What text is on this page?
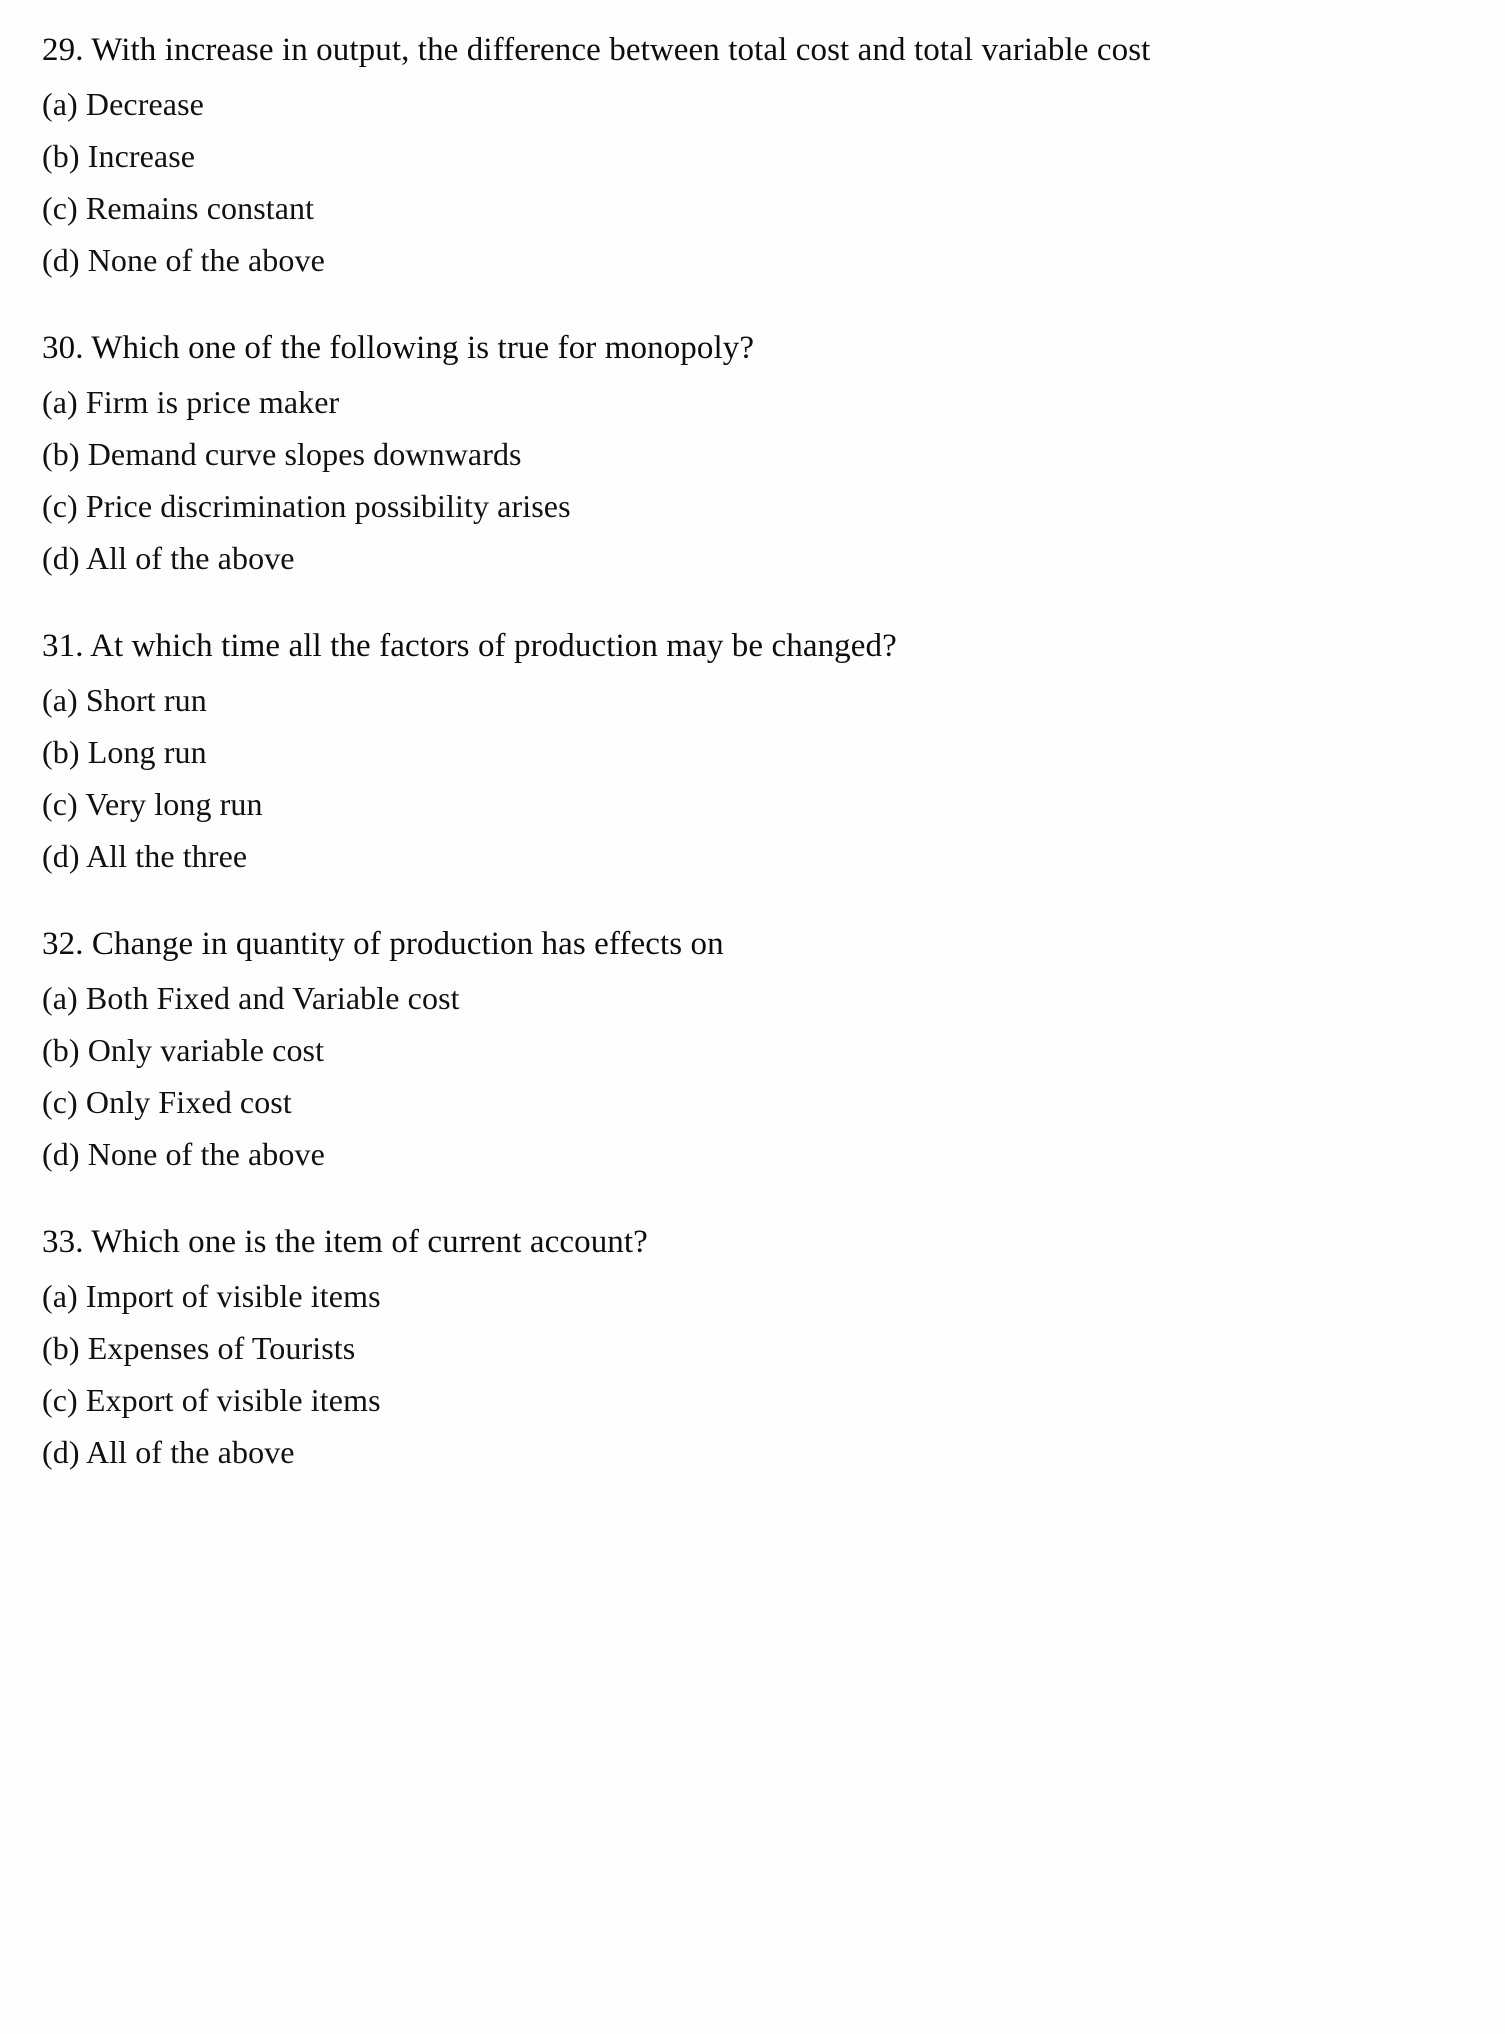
29. With increase in output, the difference between total cost and total variable cost
(a) Decrease
(b) Increase
(c) Remains constant
(d) None of the above
30. Which one of the following is true for monopoly?
(a) Firm is price maker
(b) Demand curve slopes downwards
(c) Price discrimination possibility arises
(d) All of the above
31. At which time all the factors of production may be changed?
(a) Short run
(b) Long run
(c) Very long run
(d) All the three
32. Change in quantity of production has effects on
(a) Both Fixed and Variable cost
(b) Only variable cost
(c) Only Fixed cost
(d) None of the above
33. Which one is the item of current account?
(a) Import of visible items
(b) Expenses of Tourists
(c) Export of visible items
(d) All of the above
